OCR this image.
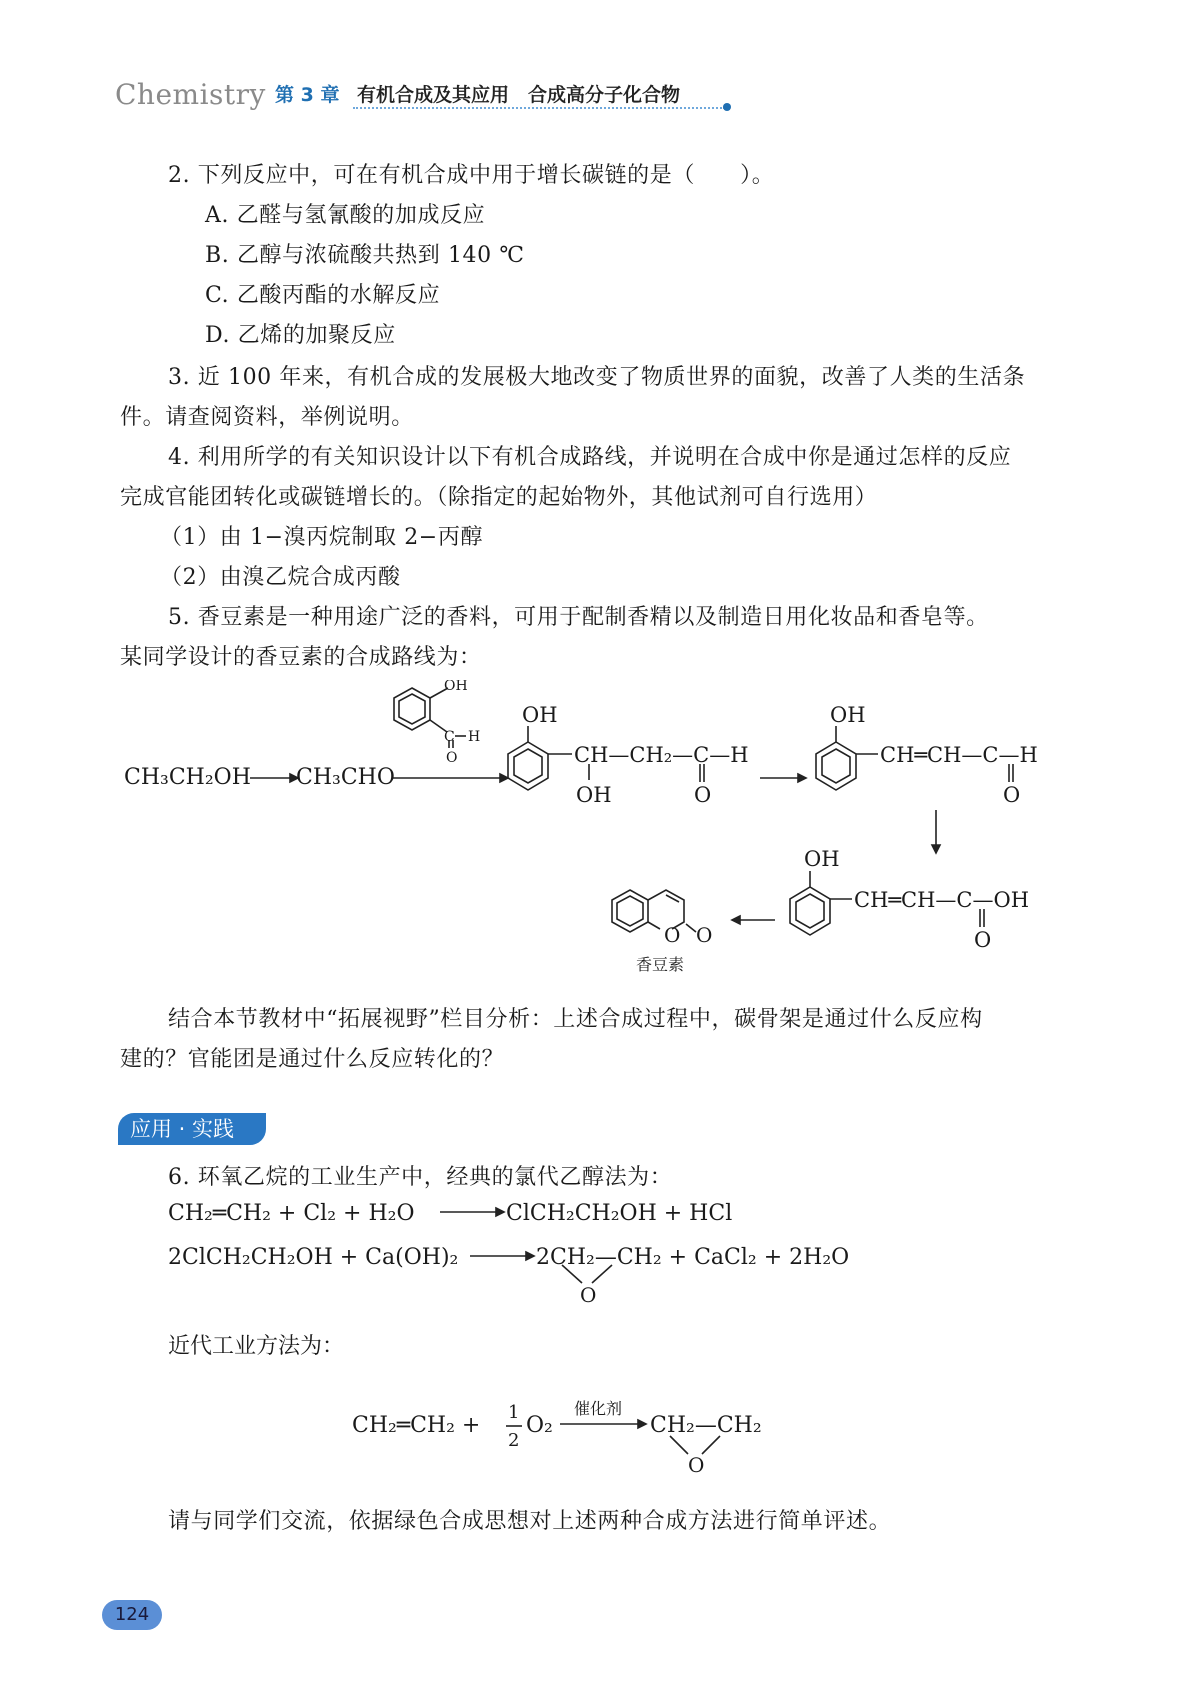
Chemistry 第 3 章 有机合成及其应用　合成高分子化合物
2. 下列反应中，可在有机合成中用于增长碳链的是（　　）。
A. 乙醛与氢氰酸的加成反应
B. 乙醇与浓硫酸共热到 140 ℃
C. 乙酸丙酯的水解反应
D. 乙烯的加聚反应
3. 近 100 年来，有机合成的发展极大地改变了物质世界的面貌，改善了人类的生活条
件。请查阅资料，举例说明。
4. 利用所学的有关知识设计以下有机合成路线，并说明在合成中你是通过怎样的反应
完成官能团转化或碳链增长的。（除指定的起始物外，其他试剂可自行选用）
（1）由 1−溴丙烷制取 2−丙醇
（2）由溴乙烷合成丙酸
5. 香豆素是一种用途广泛的香料，可用于配制香精以及制造日用化妆品和香皂等。
某同学设计的香豆素的合成路线为：
CH₃CH₂OH CH₃CHO
OH
C H
O
OH
CH—CH₂—C—H
OH	O
OH
CH═CH—C—H
O
OH
CH═CH—C—OH
O
O O
香豆素
结合本节教材中“拓展视野”栏目分析：上述合成过程中，碳骨架是通过什么反应构
建的？官能团是通过什么反应转化的？
应用 · 实践
6. 环氧乙烷的工业生产中，经典的氯代乙醇法为：
CH₂═CH₂ + Cl₂ + H₂O	ClCH₂CH₂OH + HCl
2ClCH₂CH₂OH + Ca(OH)₂	2CH₂—CH₂ + CaCl₂ + 2H₂O
O
近代工业方法为：
CH₂═CH₂ +
1
2
O₂
催化剂
CH₂—CH₂
O
请与同学们交流，依据绿色合成思想对上述两种合成方法进行简单评述。
124
